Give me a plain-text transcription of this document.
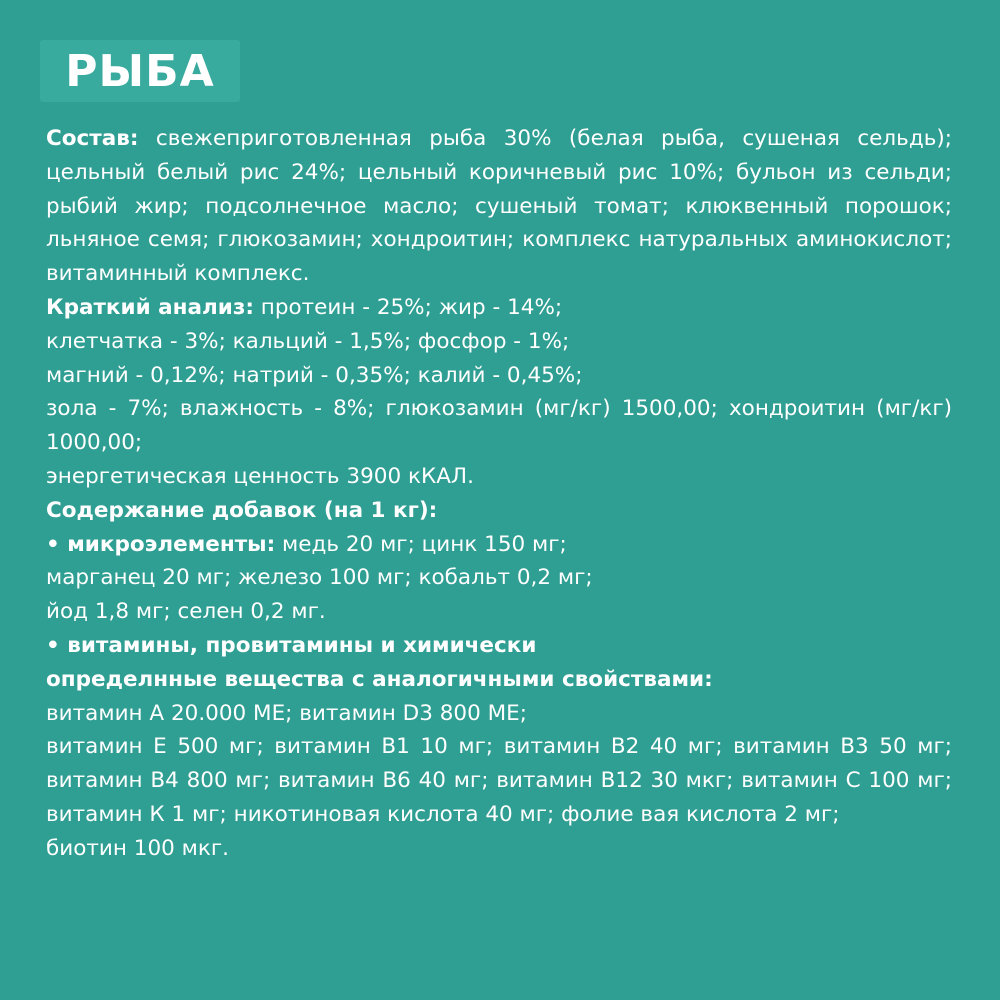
РЫБА

Состав: свежеприготовленная рыба 30% (белая рыба, сушеная сельдь); цельный белый рис 24%; цельный коричневый рис 10%; бульон из сельди; рыбий жир; подсолнечное масло; сушеный томат; клюквенный порошок; льняное семя; глюкозамин; хондроитин; комплекс натуральных аминокислот; витаминный комплекс.

Краткий анализ: протеин - 25%; жир - 14%;

клетчатка - 3%; кальций - 1,5%; фосфор - 1%;

магний - 0,12%; натрий - 0,35%; калий - 0,45%;

зола - 7%; влажность - 8%; глюкозамин (мг/кг) 1500,00; хондроитин (мг/кг) 1000,00;

энергетическая ценность 3900 кКАЛ.

Содержание добавок (на 1 кг):

• микроэлементы: медь 20 мг; цинк 150 мг;

марганец 20 мг; железо 100 мг; кобальт 0,2 мг;

йод 1,8 мг; селен 0,2 мг.

• витамины, провитамины и химически

определнные вещества с аналогичными свойствами:

витамин А 20.000 МЕ; витамин D3 800 МЕ;

витамин Е 500 мг; витамин В1 10 мг; витамин В2 40 мг; витамин В3 50 мг; витамин В4 800 мг; витамин В6 40 мг; витамин В12 30 мкг; витамин С 100 мг; витамин К 1 мг; никотиновая кислота 40 мг; фолие вая кислота 2 мг;

биотин 100 мкг.
